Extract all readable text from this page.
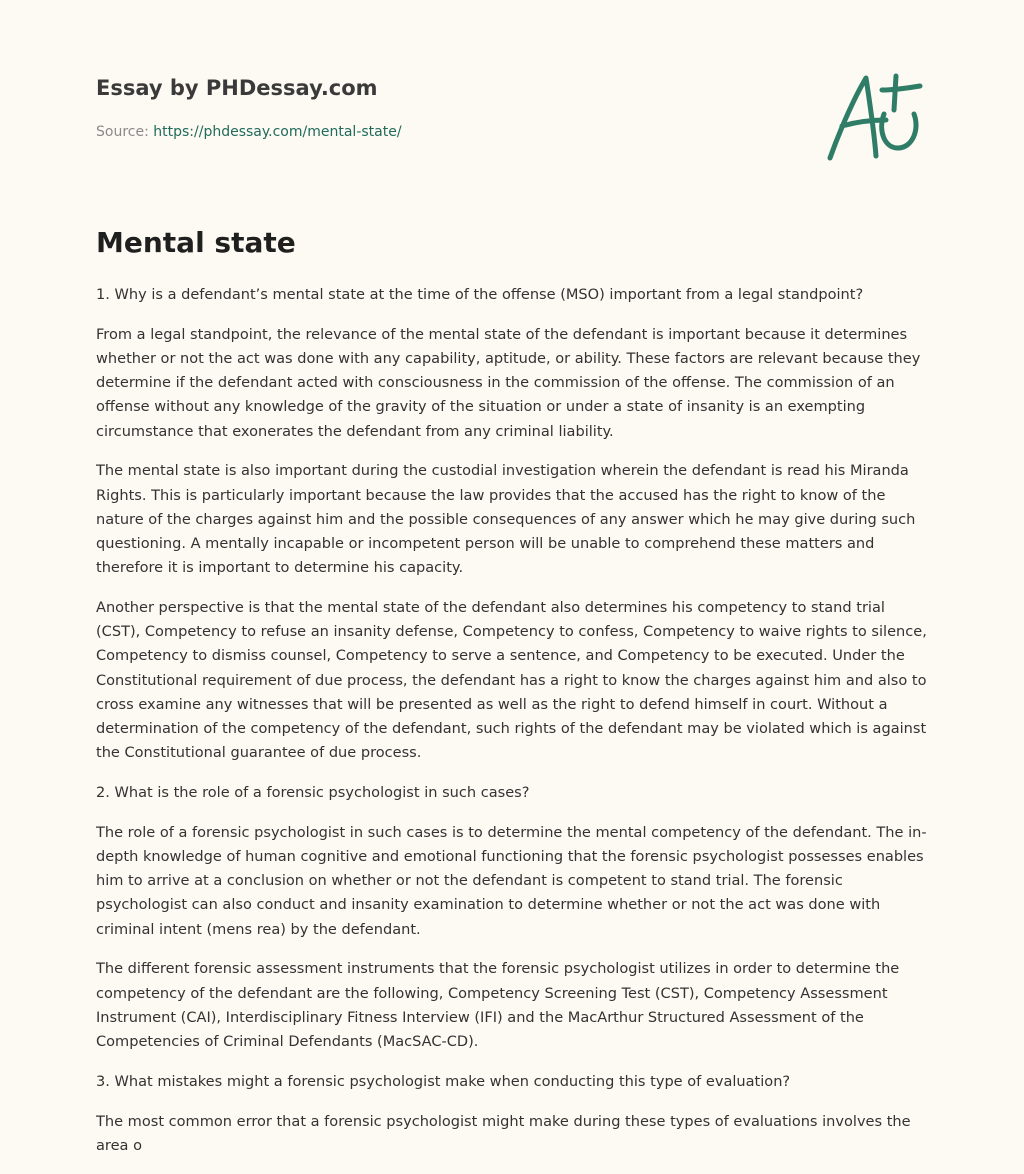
Essay by PHDessay.com
Source: https://phdessay.com/mental-state/
Mental state

1. Why is a defendant’s mental state at the time of the offense (MSO) important from a legal standpoint?

From a legal standpoint, the relevance of the mental state of the defendant is important because it determines whether or not the act was done with any capability, aptitude, or ability. These factors are relevant because they determine if the defendant acted with consciousness in the commission of the offense. The commission of an offense without any knowledge of the gravity of the situation or under a state of insanity is an exempting circumstance that exonerates the defendant from any criminal liability.

The mental state is also important during the custodial investigation wherein the defendant is read his Miranda Rights. This is particularly important because the law provides that the accused has the right to know of the nature of the charges against him and the possible consequences of any answer which he may give during such questioning. A mentally incapable or incompetent person will be unable to comprehend these matters and therefore it is important to determine his capacity.

Another perspective is that the mental state of the defendant also determines his competency to stand trial (CST), Competency to refuse an insanity defense, Competency to confess, Competency to waive rights to silence, Competency to dismiss counsel, Competency to serve a sentence, and Competency to be executed. Under the Constitutional requirement of due process, the defendant has a right to know the charges against him and also to cross examine any witnesses that will be presented as well as the right to defend himself in court. Without a determination of the competency of the defendant, such rights of the defendant may be violated which is against the Constitutional guarantee of due process.

2. What is the role of a forensic psychologist in such cases?

The role of a forensic psychologist in such cases is to determine the mental competency of the defendant. The in-depth knowledge of human cognitive and emotional functioning that the forensic psychologist possesses enables him to arrive at a conclusion on whether or not the defendant is competent to stand trial. The forensic psychologist can also conduct and insanity examination to determine whether or not the act was done with criminal intent (mens rea) by the defendant.

The different forensic assessment instruments that the forensic psychologist utilizes in order to determine the competency of the defendant are the following, Competency Screening Test (CST), Competency Assessment Instrument (CAI), Interdisciplinary Fitness Interview (IFI) and the MacArthur Structured Assessment of the Competencies of Criminal Defendants (MacSAC-CD).

3. What mistakes might a forensic psychologist make when conducting this type of evaluation?

The most common error that a forensic psychologist might make during these types of evaluations involves the area o
